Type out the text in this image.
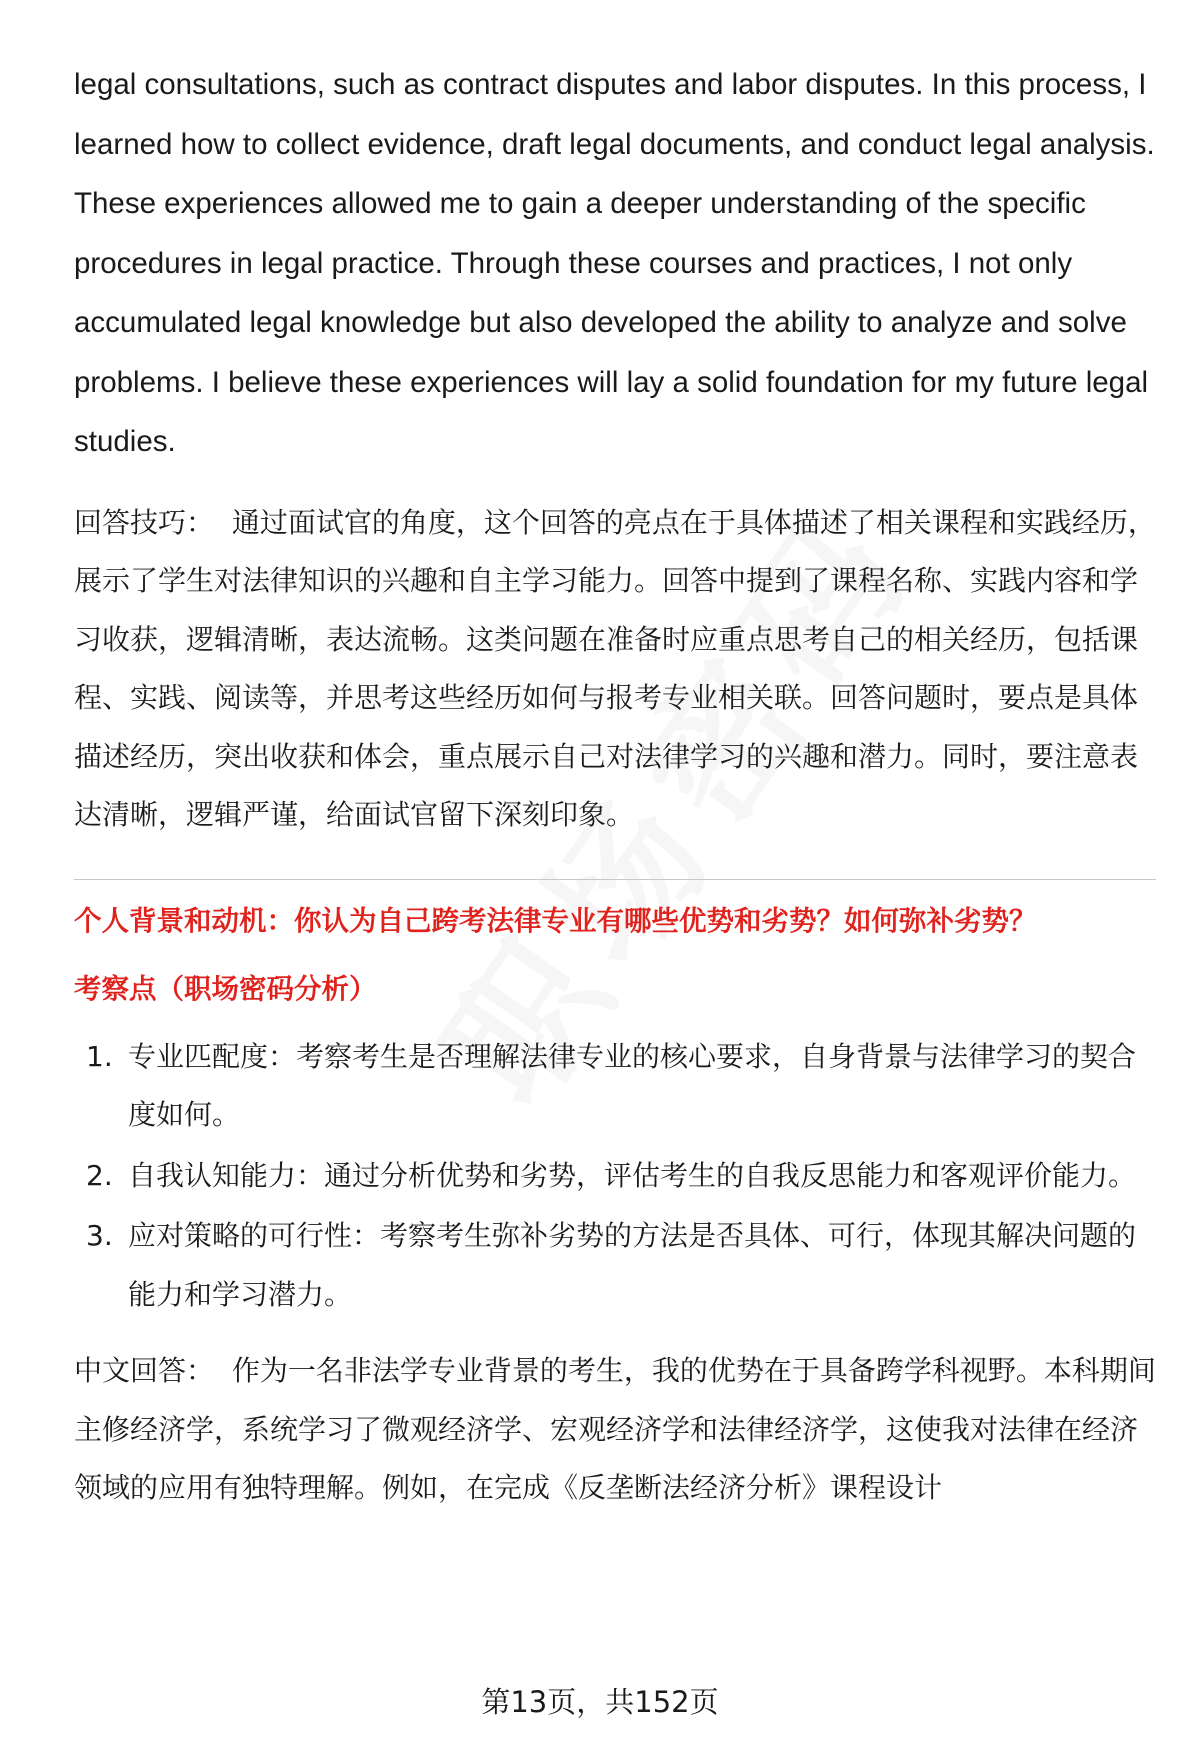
legal consultations, such as contract disputes and labor disputes. In this process, I learned how to collect evidence, draft legal documents, and conduct legal analysis. These experiences allowed me to gain a deeper understanding of the specific procedures in legal practice. Through these courses and practices, I not only accumulated legal knowledge but also developed the ability to analyze and solve problems. I believe these experiences will lay a solid foundation for my future legal studies.

回答技巧： 通过面试官的角度，这个回答的亮点在于具体描述了相关课程和实践经历，展示了学生对法律知识的兴趣和自主学习能力。回答中提到了课程名称、实践内容和学习收获，逻辑清晰，表达流畅。这类问题在准备时应重点思考自己的相关经历，包括课程、实践、阅读等，并思考这些经历如何与报考专业相关联。回答问题时，要点是具体描述经历，突出收获和体会，重点展示自己对法律学习的兴趣和潜力。同时，要注意表达清晰，逻辑严谨，给面试官留下深刻印象。

个人背景和动机：你认为自己跨考法律专业有哪些优势和劣势？如何弥补劣势？

考察点（职场密码分析）

1. 专业匹配度：考察考生是否理解法律专业的核心要求，自身背景与法律学习的契合度如何。
2. 自我认知能力：通过分析优势和劣势，评估考生的自我反思能力和客观评价能力。
3. 应对策略的可行性：考察考生弥补劣势的方法是否具体、可行，体现其解决问题的能力和学习潜力。

中文回答： 作为一名非法学专业背景的考生，我的优势在于具备跨学科视野。本科期间主修经济学，系统学习了微观经济学、宏观经济学和法律经济学，这使我对法律在经济领域的应用有独特理解。例如，在完成《反垄断法经济分析》课程设计

第13页，共152页
